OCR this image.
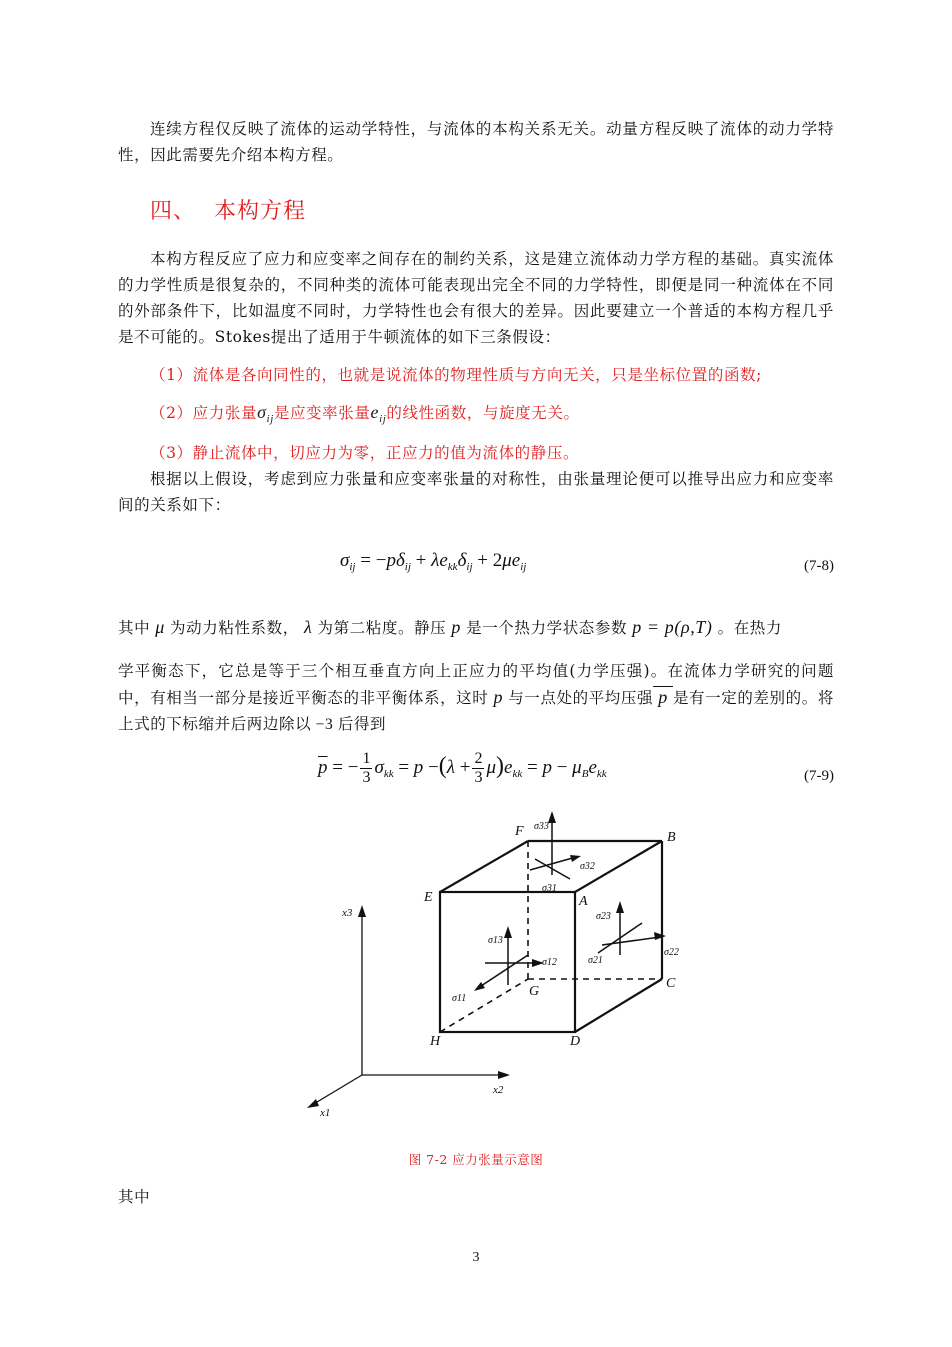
连续方程仅反映了流体的运动学特性，与流体的本构关系无关。动量方程反映了流体的动力学特性，因此需要先介绍本构方程。

四、 本构方程

本构方程反应了应力和应变率之间存在的制约关系，这是建立流体动力学方程的基础。真实流体的力学性质是很复杂的，不同种类的流体可能表现出完全不同的力学特性，即便是同一种流体在不同的外部条件下，比如温度不同时，力学特性也会有很大的差异。因此要建立一个普适的本构方程几乎是不可能的。Stokes提出了适用于牛顿流体的如下三条假设：

（1）流体是各向同性的，也就是说流体的物理性质与方向无关，只是坐标位置的函数;

（2）应力张量$\sigma_{ij}$是应变率张量$e_{ij}$的线性函数，与旋度无关。

（3）静止流体中，切应力为零，正应力的值为流体的静压。

根据以上假设，考虑到应力张量和应变率张量的对称性，由张量理论便可以推导出应力和应变率间的关系如下：

$\sigma_{ij} = -p\delta_{ij} + \lambda e_{kk}\delta_{ij} + 2\mu e_{ij}$	(7-8)

其中 μ 为动力粘性系数， λ 为第二粘度。静压 p 是一个热力学状态参数 p = p(ρ,T) 。在热力

学平衡态下，它总是等于三个相互垂直方向上正应力的平均值(力学压强)。在流体力学研究的问题中，有相当一部分是接近平衡态的非平衡体系，这时 p 与一点处的平均压强 p 是有一定的差别的。将上式的下标缩并后两边除以 −3 后得到

$\overline{p}$ = − $\frac{1}{3} \sigma_{kk} = p -(\lambda + \frac{2}{3} \mu)e_{kk} = p - \mu_Be_{kk}$	(7-9)
F	B
E	A
G
C
H	D
σ33
σ32
σ31
σ23
σ13
σ12	σ21
σ22
σ11
x3
x2
x1
图 7-2 应力张量示意图

其中

3
